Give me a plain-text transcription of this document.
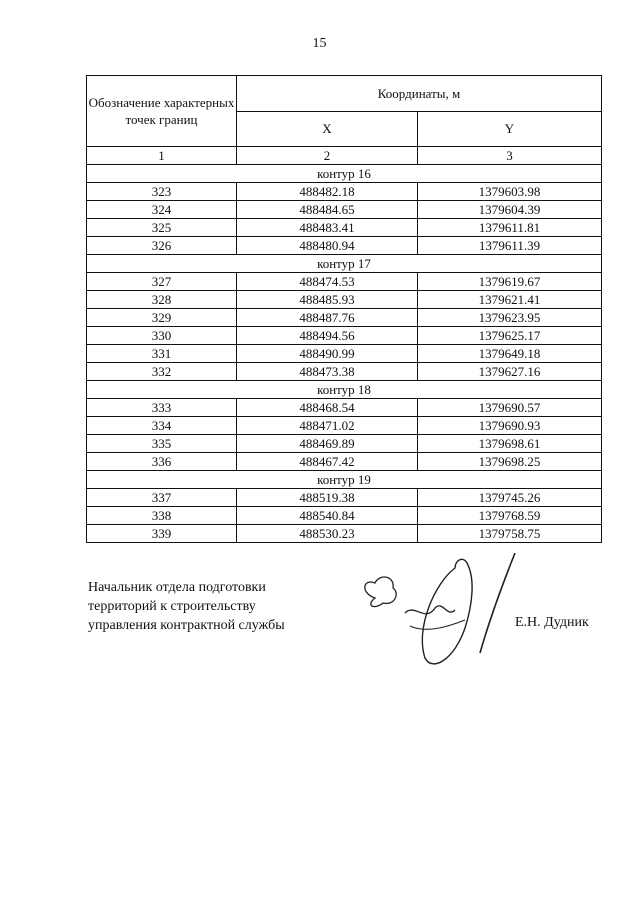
15
Обозначение характерных точек границ	Координаты, м	
	X	Y
1	2	3
контур 16		
323	488482.18	1379603.98
324	488484.65	1379604.39
325	488483.41	1379611.81
326	488480.94	1379611.39
контур 17		
327	488474.53	1379619.67
328	488485.93	1379621.41
329	488487.76	1379623.95
330	488494.56	1379625.17
331	488490.99	1379649.18
332	488473.38	1379627.16
контур 18		
333	488468.54	1379690.57
334	488471.02	1379690.93
335	488469.89	1379698.61
336	488467.42	1379698.25
контур 19		
337	488519.38	1379745.26
338	488540.84	1379768.59
339	488530.23	1379758.75
Начальник отдела подготовки
территорий к строительству
управления контрактной службы	Е.Н. Дудник
